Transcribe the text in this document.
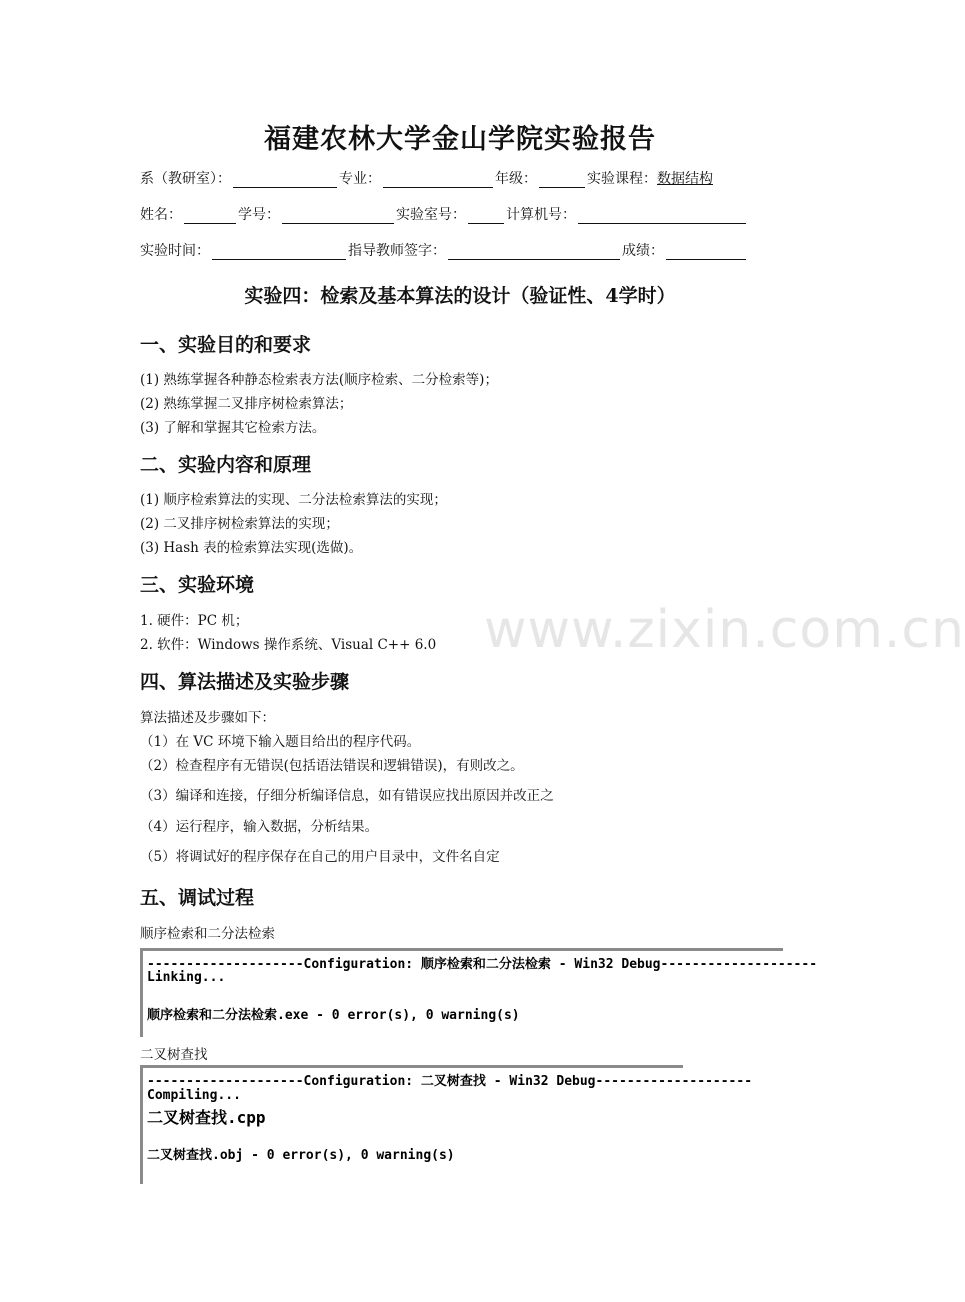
福建农林大学金山学院实验报告
系（教研室）：	专业：	年级：	实验课程： 数据结构
姓名：	学号：	实验室号：	计算机号：
实验时间：	指导教师签字：	成绩：
实验四：检索及基本算法的设计（验证性、4学时）
www.zixin.com.cn
一、实验目的和要求
(1) 熟练掌握各种静态检索表方法(顺序检索、二分检索等)；
(2) 熟练掌握二叉排序树检索算法；
(3) 了解和掌握其它检索方法。
二、实验内容和原理
(1) 顺序检索算法的实现、二分法检索算法的实现；
(2) 二叉排序树检索算法的实现；
(3) Hash 表的检索算法实现(选做)。
三、实验环境
1. 硬件：PC 机；
2. 软件：Windows 操作系统、Visual C++ 6.0
四、算法描述及实验步骤
算法描述及步骤如下：
（1）在 VC 环境下输入题目给出的程序代码。
（2）检查程序有无错误(包括语法错误和逻辑错误)，有则改之。
（3）编译和连接，仔细分析编译信息，如有错误应找出原因并改正之
（4）运行程序，输入数据，分析结果。
（5）将调试好的程序保存在自己的用户目录中，文件名自定
五、调试过程
顺序检索和二分法检索
--------------------Configuration: 顺序检索和二分法检索 - Win32 Debug--------------------
Linking...
顺序检索和二分法检索.exe - 0 error(s), 0 warning(s)
二叉树查找
--------------------Configuration: 二叉树查找 - Win32 Debug--------------------
Compiling...
二叉树查找.cpp
二叉树查找.obj - 0 error(s), 0 warning(s)
